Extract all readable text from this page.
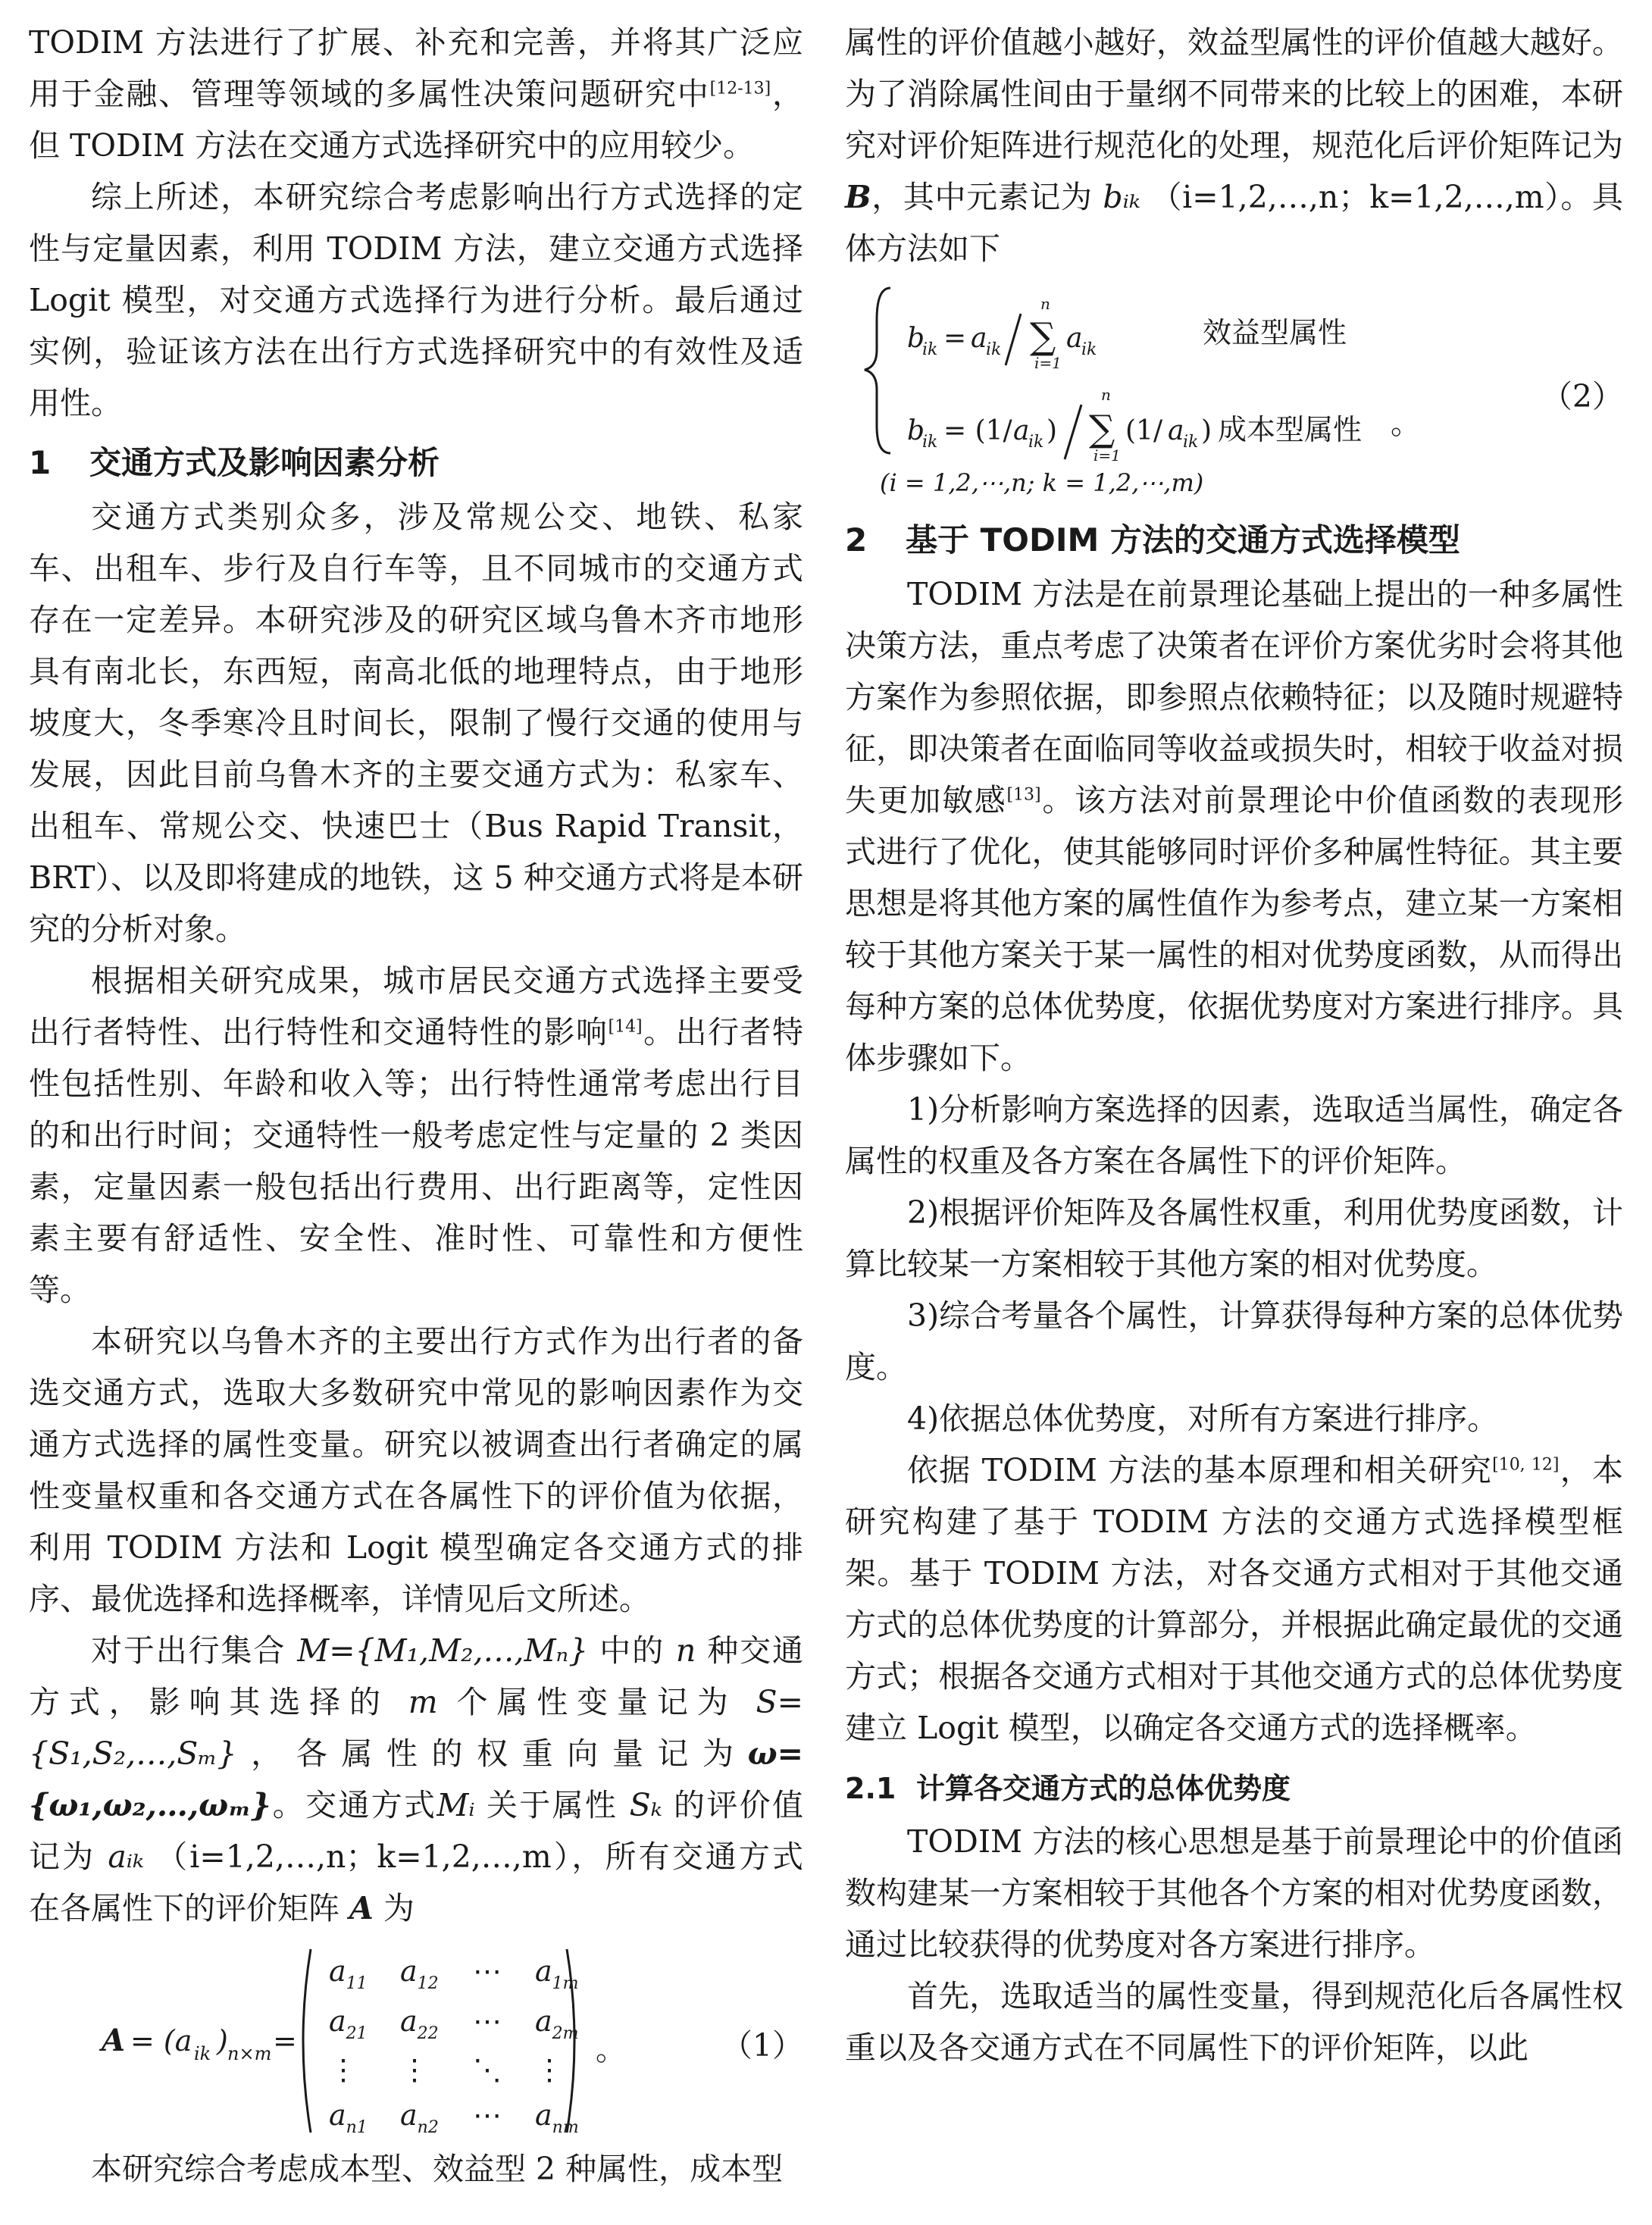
TODIM 方法进行了扩展、补充和完善，并将其广泛应用于金融、管理等领域的多属性决策问题研究中[12-13]，但 TODIM 方法在交通方式选择研究中的应用较少。

综上所述，本研究综合考虑影响出行方式选择的定性与定量因素，利用 TODIM 方法，建立交通方式选择 Logit 模型，对交通方式选择行为进行分析。最后通过实例，验证该方法在出行方式选择研究中的有效性及适用性。

1 交通方式及影响因素分析

交通方式类别众多，涉及常规公交、地铁、私家车、出租车、步行及自行车等，且不同城市的交通方式存在一定差异。本研究涉及的研究区域乌鲁木齐市地形具有南北长，东西短，南高北低的地理特点，由于地形坡度大，冬季寒冷且时间长，限制了慢行交通的使用与发展，因此目前乌鲁木齐的主要交通方式为：私家车、出租车、常规公交、快速巴士（Bus Rapid Transit，BRT）、以及即将建成的地铁，这 5 种交通方式将是本研究的分析对象。

根据相关研究成果，城市居民交通方式选择主要受出行者特性、出行特性和交通特性的影响[14]。出行者特性包括性别、年龄和收入等；出行特性通常考虑出行目的和出行时间；交通特性一般考虑定性与定量的 2 类因素，定量因素一般包括出行费用、出行距离等，定性因素主要有舒适性、安全性、准时性、可靠性和方便性等。

本研究以乌鲁木齐的主要出行方式作为出行者的备选交通方式，选取大多数研究中常见的影响因素作为交通方式选择的属性变量。研究以被调查出行者确定的属性变量权重和各交通方式在各属性下的评价值为依据，利用 TODIM 方法和 Logit 模型确定各交通方式的排序、最优选择和选择概率，详情见后文所述。

对于出行集合 M={M₁,M₂,…,Mₙ} 中的 n 种交通方式，影响其选择的 m 个属性变量记为 S={S₁,S₂,…,Sₘ}，各属性的权重向量记为ω={ω₁,ω₂,…,ωₘ}。交通方式Mᵢ 关于属性 Sₖ 的评价值记为 aᵢₖ （i=1,2,…,n；k=1,2,…,m），所有交通方式在各属性下的评价矩阵 A 为

A = (a ik ) n×m =
$a_{11}$ $a_{12}$ ⋯ $a_{1m}$
$a_{21}$ $a_{22}$ ⋯ $a_{2m}$
⋮ ⋮ ⋱ ⋮
$a_{n1}$ $a_{n2}$ ⋯ $a_{nm}$
。	（1）

本研究综合考虑成本型、效益型 2 种属性，成本型

属性的评价值越小越好，效益型属性的评价值越大越好。为了消除属性间由于量纲不同带来的比较上的困难，本研究对评价矩阵进行规范化的处理，规范化后评价矩阵记为 B，其中元素记为 bᵢₖ （i=1,2,…,n；k=1,2,…,m）。具体方法如下

b
ik = a
ik
n
∑
i=1
a
ik
效益型属性
b
ik = (1/ a
ik )
n
∑
i=1
(1/ a
ik ) 成本型属性 。
(i = 1,2,⋯,n; k = 1,2,⋯,m)
（2）
2 基于 TODIM 方法的交通方式选择模型

TODIM 方法是在前景理论基础上提出的一种多属性决策方法，重点考虑了决策者在评价方案优劣时会将其他方案作为参照依据，即参照点依赖特征；以及随时规避特征，即决策者在面临同等收益或损失时，相较于收益对损失更加敏感[13]。该方法对前景理论中价值函数的表现形式进行了优化，使其能够同时评价多种属性特征。其主要思想是将其他方案的属性值作为参考点，建立某一方案相较于其他方案关于某一属性的相对优势度函数，从而得出每种方案的总体优势度，依据优势度对方案进行排序。具体步骤如下。

1)分析影响方案选择的因素，选取适当属性，确定各属性的权重及各方案在各属性下的评价矩阵。

2)根据评价矩阵及各属性权重，利用优势度函数，计算比较某一方案相较于其他方案的相对优势度。

3)综合考量各个属性，计算获得每种方案的总体优势度。

4)依据总体优势度，对所有方案进行排序。

依据 TODIM 方法的基本原理和相关研究[10, 12]，本研究构建了基于 TODIM 方法的交通方式选择模型框架。基于 TODIM 方法，对各交通方式相对于其他交通方式的总体优势度的计算部分，并根据此确定最优的交通方式；根据各交通方式相对于其他交通方式的总体优势度建立 Logit 模型，以确定各交通方式的选择概率。

2.1 计算各交通方式的总体优势度

TODIM 方法的核心思想是基于前景理论中的价值函数构建某一方案相较于其他各个方案的相对优势度函数，通过比较获得的优势度对各方案进行排序。

首先，选取适当的属性变量，得到规范化后各属性权重以及各交通方式在不同属性下的评价矩阵，以此
